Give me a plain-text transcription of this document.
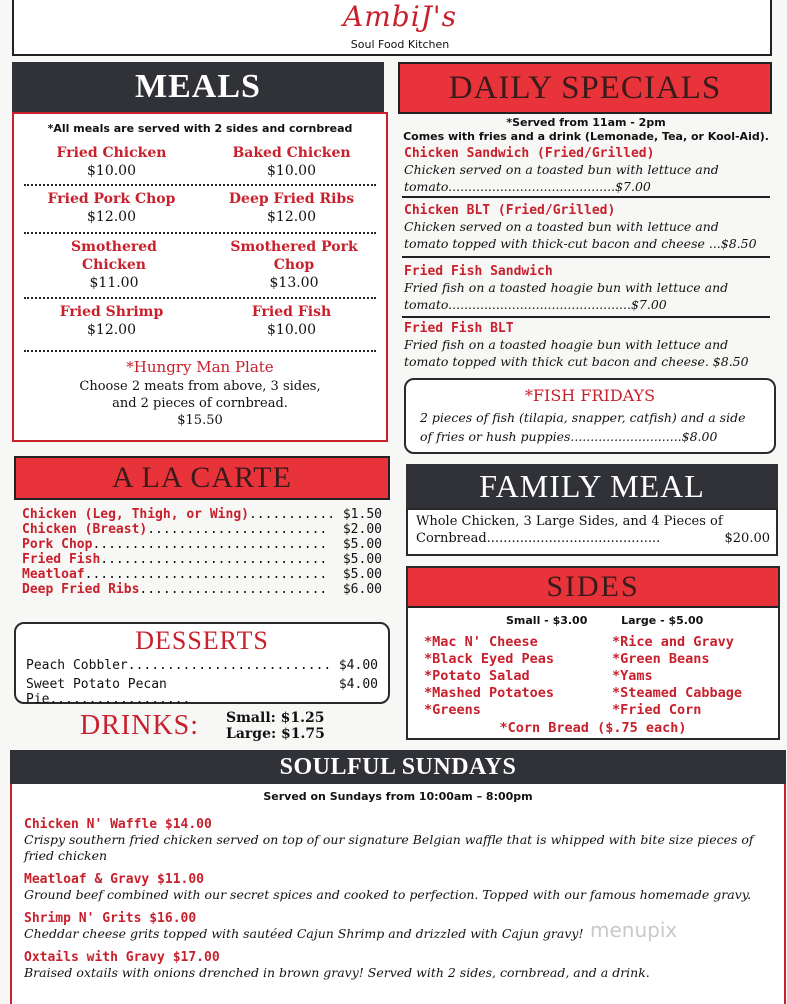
AmbiJ's
Soul Food Kitchen
MEALS
*All meals are served with 2 sides and cornbread
Fried Chicken
$10.00
Baked Chicken
$10.00
Fried Pork Chop
$12.00
Deep Fried Ribs
$12.00
Smothered Chicken
$11.00
Smothered Pork Chop
$13.00
Fried Shrimp
$12.00
Fried Fish
$10.00
*Hungry Man Plate
Choose 2 meats from above, 3 sides,
and 2 pieces of cornbread.
$15.50
DAILY SPECIALS
*Served from 11am - 2pm
Comes with fries and a drink (Lemonade, Tea, or Kool-Aid).
Chicken Sandwich (Fried/Grilled)
Chicken served on a toasted bun with lettuce and
tomato..........................................$7.00
Chicken BLT (Fried/Grilled)
Chicken served on a toasted bun with lettuce and
tomato topped with thick-cut bacon and cheese ...$8.50
Fried Fish Sandwich
Fried fish on a toasted hoagie bun with lettuce and
tomato..............................................$7.00
Fried Fish BLT
Fried fish on a toasted hoagie bun with lettuce and
tomato topped with thick cut bacon and cheese. $8.50
*FISH FRIDAYS
2 pieces of fish (tilapia, snapper, catfish) and a side
of fries or hush puppies............................$8.00
A LA CARTE
Chicken (Leg, Thigh, or Wing)........... $1.50
Chicken (Breast)....................... $2.00
Pork Chop.............................. $5.00
Fried Fish............................. $5.00
Meatloaf............................... $5.00
Deep Fried Ribs........................ $6.00
DESSERTS
Peach Cobbler.......................... $4.00
Sweet Potato Pecan Pie..................
$4.00
DRINKS: Small: $1.25
Large: $1.75
FAMILY MEAL
Whole Chicken, 3 Large Sides, and 4 Pieces of
Cornbread..........................................	$20.00
SIDES
Small - $3.00	Large - $5.00
*Mac N' Cheese
*Black Eyed Peas
*Potato Salad
*Mashed Potatoes
*Greens
*Rice and Gravy
*Green Beans
*Yams
*Steamed Cabbage
*Fried Corn
*Corn Bread ($.75 each)
SOULFUL SUNDAYS
Served on Sundays from 10:00am – 8:00pm
Chicken N' Waffle $14.00
Crispy southern fried chicken served on top of our signature Belgian waffle that is whipped with bite size pieces of fried chicken
Meatloaf & Gravy $11.00
Ground beef combined with our secret spices and cooked to perfection. Topped with our famous homemade gravy.
Shrimp N' Grits $16.00
Cheddar cheese grits topped with sautéed Cajun Shrimp and drizzled with Cajun gravy!
Oxtails with Gravy $17.00
Braised oxtails with onions drenched in brown gravy! Served with 2 sides, cornbread, and a drink.
menupix
